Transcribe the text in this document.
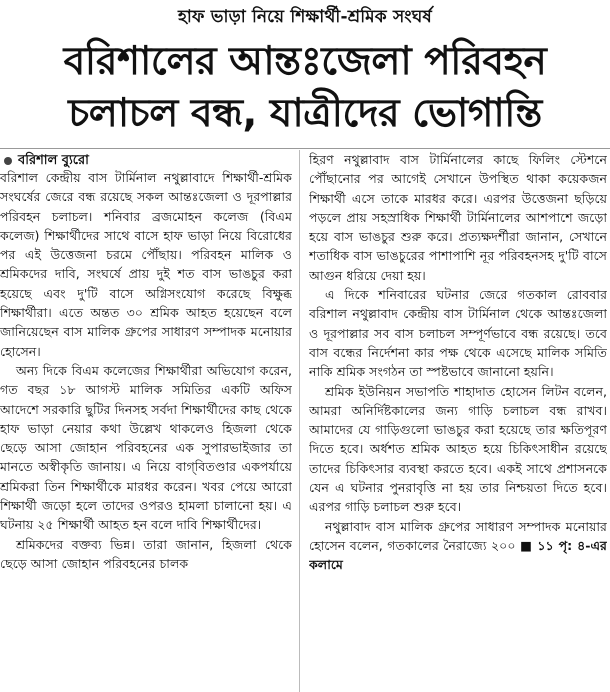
হাফ ভাড়া নিয়ে শিক্ষার্থী-শ্রমিক সংঘর্ষ
বরিশালের আন্তঃজেলা পরিবহন
চলাচল বন্ধ, যাত্রীদের ভোগান্তি
বরিশাল ব্যুরো

বরিশাল কেন্দ্রীয় বাস টার্মিনাল নথুল্লাবাদে শিক্ষার্থী-শ্রমিক সংঘর্ষের জেরে বন্ধ রয়েছে সকল আন্তঃজেলা ও দূরপাল্লার পরিবহন চলাচল। শনিবার ব্রজমোহন কলেজ (বিএম কলেজ) শিক্ষার্থীদের সাথে বাসে হাফ ভাড়া নিয়ে বিরোধের পর এই উত্তেজনা চরমে পৌঁছায়। পরিবহন মালিক ও শ্রমিকদের দাবি, সংঘর্ষে প্রায় দুই শত বাস ভাঙচুর করা হয়েছে এবং দু'টি বাসে অগ্নিসংযোগ করেছে বিক্ষুব্ধ শিক্ষার্থীরা। এতে অন্তত ৩০ শ্রমিক আহত হয়েছেন বলে জানিয়েছেন বাস মালিক গ্রুপের সাধারণ সম্পাদক মনোয়ার হোসেন।

অন্য দিকে বিএম কলেজের শিক্ষার্থীরা অভিযোগ করেন, গত বছর ১৮ আগস্ট মালিক সমিতির একটি অফিস আদেশে সরকারি ছুটির দিনসহ সর্বদা শিক্ষার্থীদের কাছ থেকে হাফ ভাড়া নেয়ার কথা উল্লেখ থাকলেও হিজলা থেকে ছেড়ে আসা জোহান পরিবহনের এক সুপারভাইজার তা মানতে অস্বীকৃতি জানায়। এ নিয়ে বাগ্‌বিতণ্ডার একপর্যায়ে শ্রমিকরা তিন শিক্ষার্থীকে মারধর করেন। খবর পেয়ে আরো শিক্ষার্থী জড়ো হলে তাদের ওপরও হামলা চালানো হয়। এ ঘটনায় ২৫ শিক্ষার্থী আহত হন বলে দাবি শিক্ষার্থীদের।

শ্রমিকদের বক্তব্য ভিন্ন। তারা জানান, হিজলা থেকে ছেড়ে আসা জোহান পরিবহনের চালক

হিরণ নথুল্লাবাদ বাস টার্মিনালের কাছে ফিলিং স্টেশনে পৌঁছানোর পর আগেই সেখানে উপস্থিত থাকা কয়েকজন শিক্ষার্থী এসে তাকে মারধর করে। এরপর উত্তেজনা ছড়িয়ে পড়লে প্রায় সহস্রাধিক শিক্ষার্থী টার্মিনালের আশপাশে জড়ো হয়ে বাস ভাঙচুর শুরু করে। প্রত্যক্ষদর্শীরা জানান, সেখানে শতাধিক বাস ভাঙচুরের পাশাপাশি নূর পরিবহনসহ দু'টি বাসে আগুন ধরিয়ে দেয়া হয়।

এ দিকে শনিবারের ঘটনার জেরে গতকাল রোববার বরিশাল নথুল্লাবাদ কেন্দ্রীয় বাস টার্মিনাল থেকে আন্তঃজেলা ও দূরপাল্লার সব বাস চলাচল সম্পূর্ণভাবে বন্ধ রয়েছে। তবে বাস বন্ধের নির্দেশনা কার পক্ষ থেকে এসেছে মালিক সমিতি নাকি শ্রমিক সংগঠন তা স্পষ্টভাবে জানানো হয়নি।

শ্রমিক ইউনিয়ন সভাপতি শাহাদাত হোসেন লিটন বলেন, আমরা অনির্দিষ্টকালের জন্য গাড়ি চলাচল বন্ধ রাখব। আমাদের যে গাড়িগুলো ভাঙচুর করা হয়েছে তার ক্ষতিপূরণ দিতে হবে। অর্ধশত শ্রমিক আহত হয়ে চিকিৎসাধীন রয়েছে তাদের চিকিৎসার ব্যবস্থা করতে হবে। একই সাথে প্রশাসনকে যেন এ ঘটনার পুনরাবৃত্তি না হয় তার নিশ্চয়তা দিতে হবে। এরপর গাড়ি চলাচল শুরু হবে।

নথুল্লাবাদ বাস মালিক গ্রুপের সাধারণ সম্পাদক মনোয়ার হোসেন বলেন, গতকালের নৈরাজ্যে ২০০ ■ ১১ পৃ: ৪-এর কলামে
